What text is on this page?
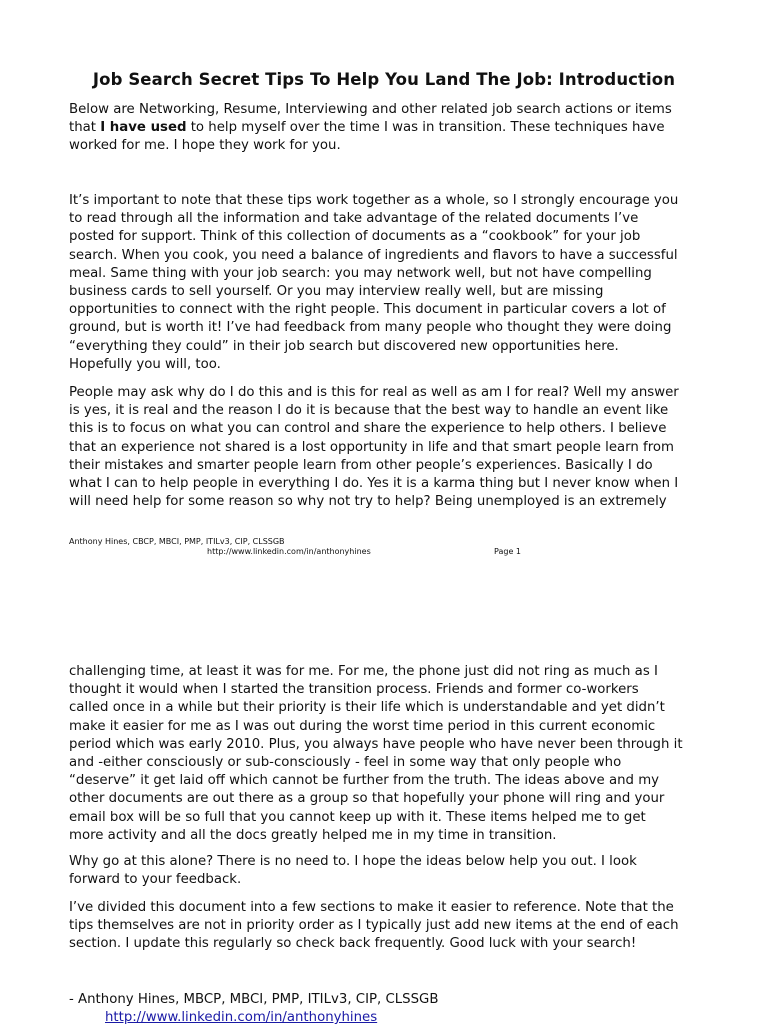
Job Search Secret Tips To Help You Land The Job: Introduction
Below are Networking, Resume, Interviewing and other related job search actions or items
that I have used to help myself over the time I was in transition. These techniques have
worked for me. I hope they work for you.
It’s important to note that these tips work together as a whole, so I strongly encourage you
to read through all the information and take advantage of the related documents I’ve
posted for support. Think of this collection of documents as a “cookbook” for your job
search. When you cook, you need a balance of ingredients and flavors to have a successful
meal. Same thing with your job search: you may network well, but not have compelling
business cards to sell yourself. Or you may interview really well, but are missing
opportunities to connect with the right people. This document in particular covers a lot of
ground, but is worth it! I’ve had feedback from many people who thought they were doing
“everything they could” in their job search but discovered new opportunities here.
Hopefully you will, too.
People may ask why do I do this and is this for real as well as am I for real? Well my answer
is yes, it is real and the reason I do it is because that the best way to handle an event like
this is to focus on what you can control and share the experience to help others. I believe
that an experience not shared is a lost opportunity in life and that smart people learn from
their mistakes and smarter people learn from other people’s experiences. Basically I do
what I can to help people in everything I do. Yes it is a karma thing but I never know when I
will need help for some reason so why not try to help? Being unemployed is an extremely
Anthony Hines, CBCP, MBCI, PMP, ITILv3, CIP, CLSSGB
http://www.linkedin.com/in/anthonyhines	Page 1
challenging time, at least it was for me. For me, the phone just did not ring as much as I
thought it would when I started the transition process. Friends and former co-workers
called once in a while but their priority is their life which is understandable and yet didn’t
make it easier for me as I was out during the worst time period in this current economic
period which was early 2010. Plus, you always have people who have never been through it
and -either consciously or sub-consciously - feel in some way that only people who
“deserve” it get laid off which cannot be further from the truth. The ideas above and my
other documents are out there as a group so that hopefully your phone will ring and your
email box will be so full that you cannot keep up with it. These items helped me to get
more activity and all the docs greatly helped me in my time in transition.
Why go at this alone? There is no need to. I hope the ideas below help you out. I look
forward to your feedback.
I’ve divided this document into a few sections to make it easier to reference. Note that the
tips themselves are not in priority order as I typically just add new items at the end of each
section. I update this regularly so check back frequently. Good luck with your search!
- Anthony Hines, MBCP, MBCI, PMP, ITILv3, CIP, CLSSGB
http://www.linkedin.com/in/anthonyhines
